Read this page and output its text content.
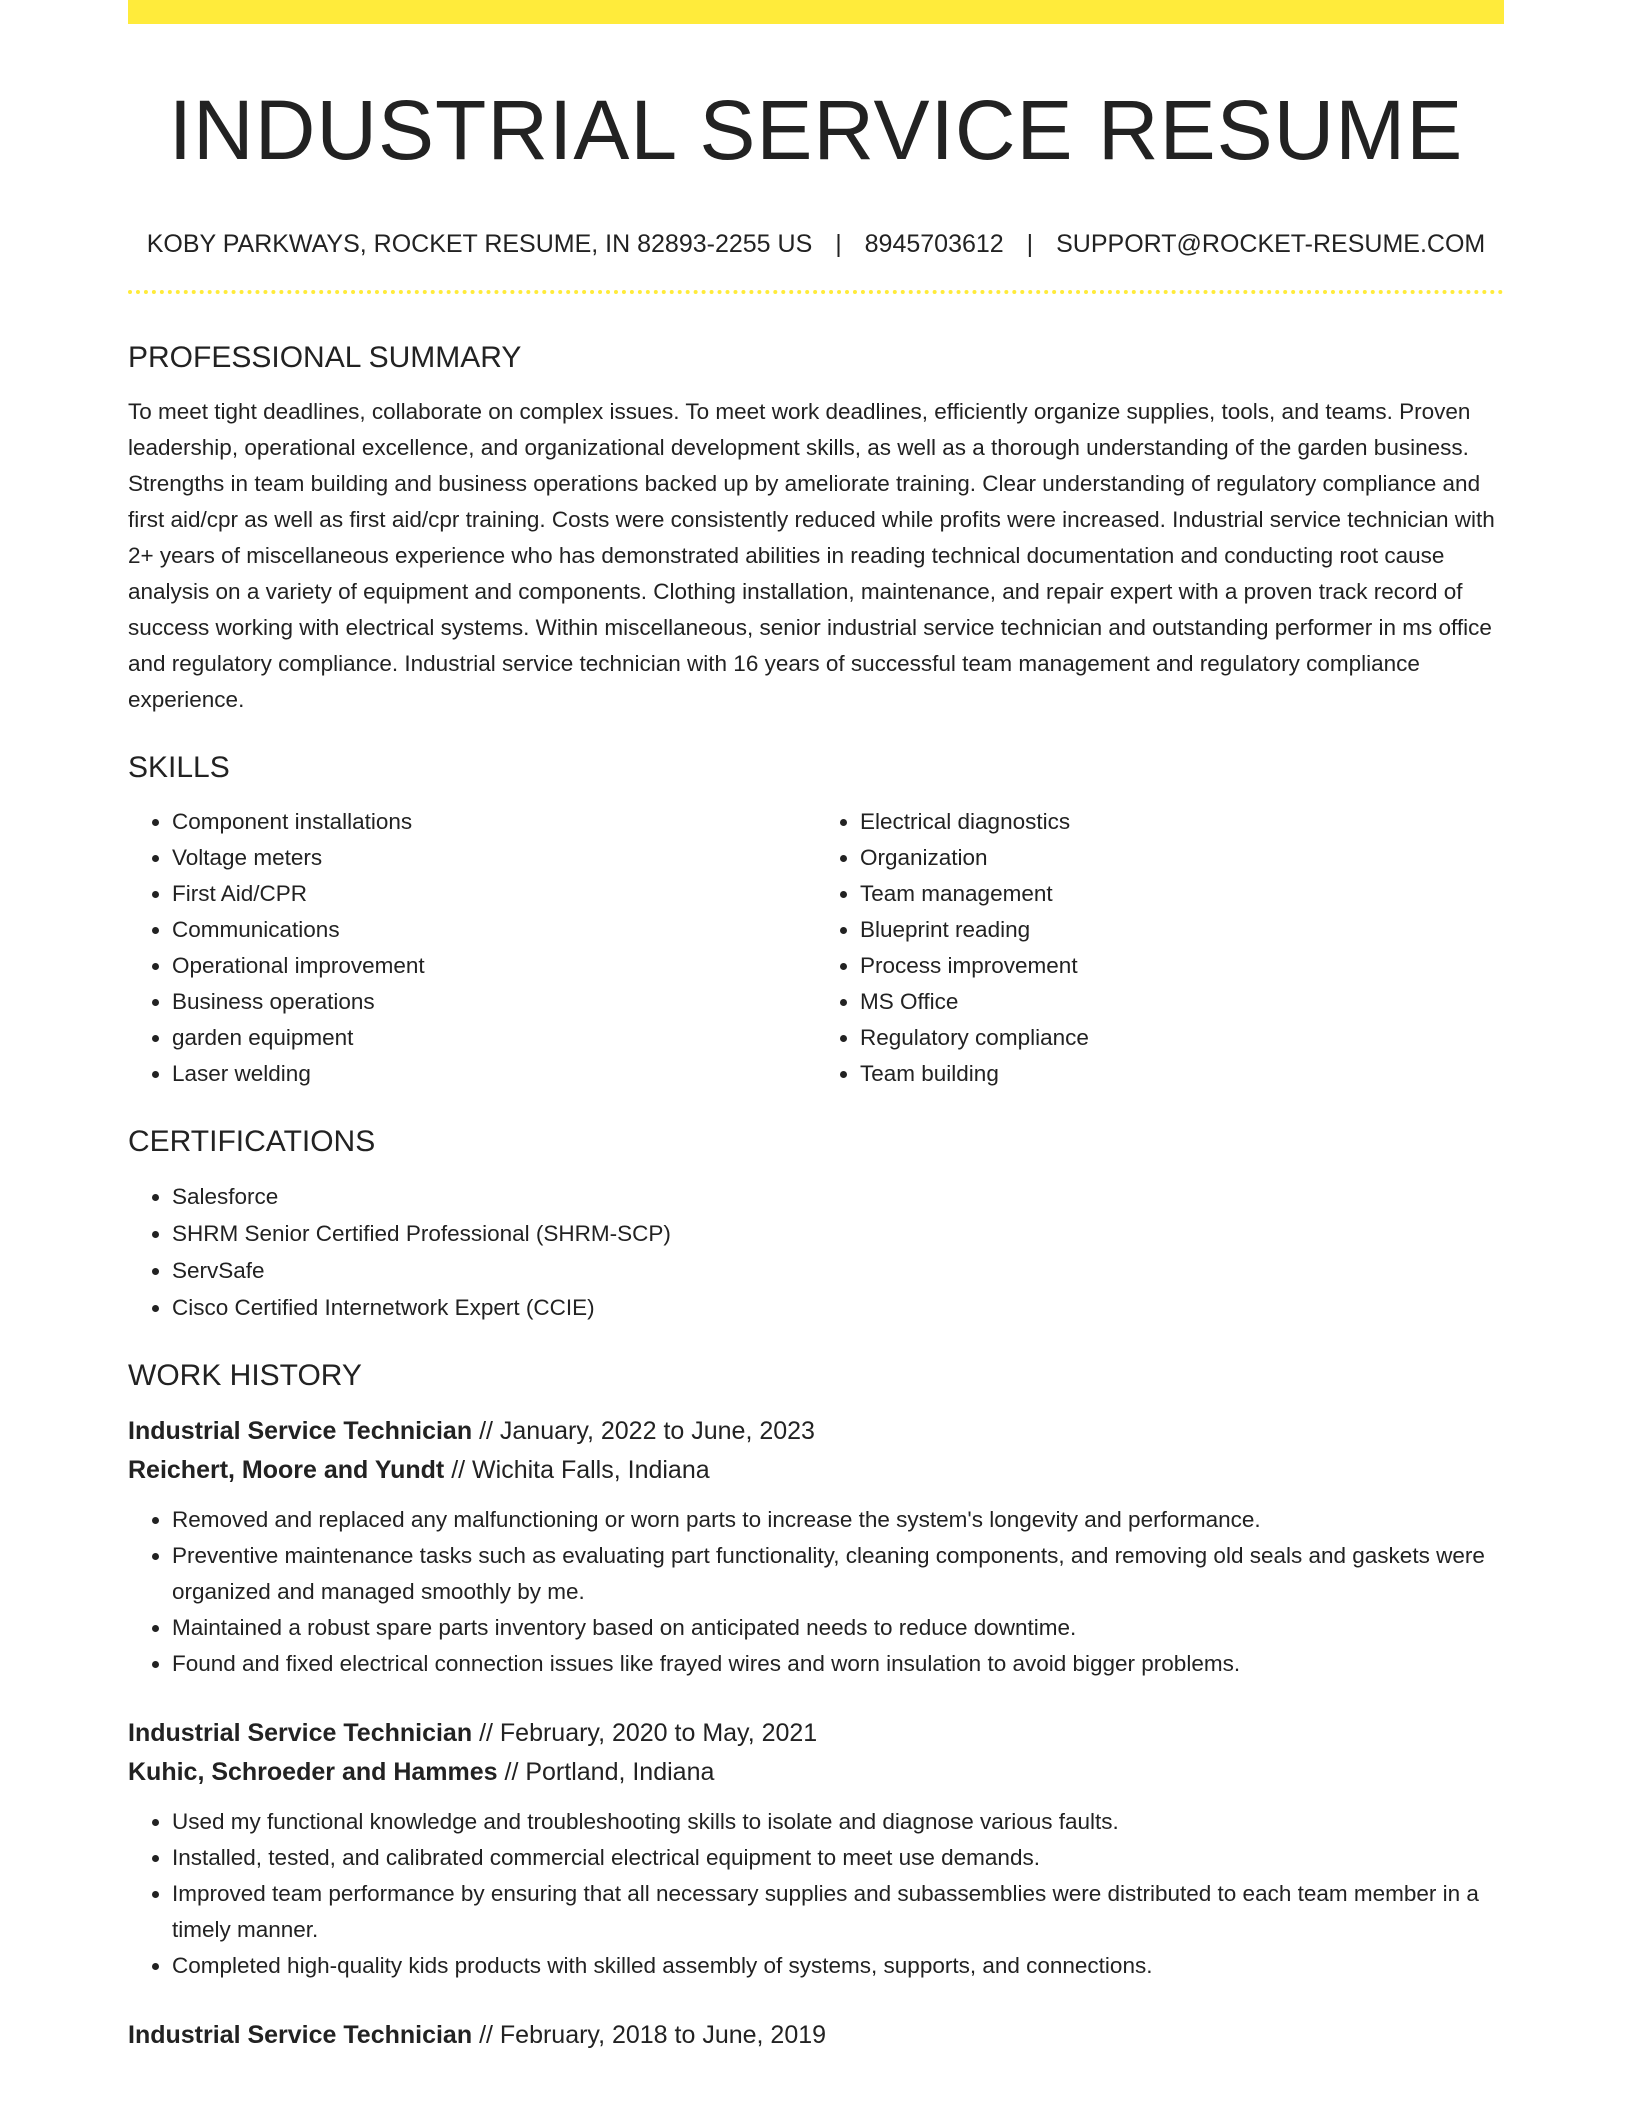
INDUSTRIAL SERVICE RESUME
KOBY PARKWAYS, ROCKET RESUME, IN 82893-2255 US | 8945703612 | SUPPORT@ROCKET-RESUME.COM
PROFESSIONAL SUMMARY

To meet tight deadlines, collaborate on complex issues. To meet work deadlines, efficiently organize supplies, tools, and teams. Proven leadership, operational excellence, and organizational development skills, as well as a thorough understanding of the garden business. Strengths in team building and business operations backed up by ameliorate training. Clear understanding of regulatory compliance and first aid/cpr as well as first aid/cpr training. Costs were consistently reduced while profits were increased. Industrial service technician with 2+ years of miscellaneous experience who has demonstrated abilities in reading technical documentation and conducting root cause analysis on a variety of equipment and components. Clothing installation, maintenance, and repair expert with a proven track record of success working with electrical systems. Within miscellaneous, senior industrial service technician and outstanding performer in ms office and regulatory compliance. Industrial service technician with 16 years of successful team management and regulatory compliance experience.

SKILLS
• Component installations
• Voltage meters
• First Aid/CPR
• Communications
• Operational improvement
• Business operations
• garden equipment
• Laser welding
• Electrical diagnostics
• Organization
• Team management
• Blueprint reading
• Process improvement
• MS Office
• Regulatory compliance
• Team building
CERTIFICATIONS
• Salesforce
• SHRM Senior Certified Professional (SHRM-SCP)
• ServSafe
• Cisco Certified Internetwork Expert (CCIE)
WORK HISTORY
Industrial Service Technician // January, 2022 to June, 2023
Reichert, Moore and Yundt // Wichita Falls, Indiana
• Removed and replaced any malfunctioning or worn parts to increase the system's longevity and performance.
• Preventive maintenance tasks such as evaluating part functionality, cleaning components, and removing old seals and gaskets were organized and managed smoothly by me.
• Maintained a robust spare parts inventory based on anticipated needs to reduce downtime.
• Found and fixed electrical connection issues like frayed wires and worn insulation to avoid bigger problems.
Industrial Service Technician // February, 2020 to May, 2021
Kuhic, Schroeder and Hammes // Portland, Indiana
• Used my functional knowledge and troubleshooting skills to isolate and diagnose various faults.
• Installed, tested, and calibrated commercial electrical equipment to meet use demands.
• Improved team performance by ensuring that all necessary supplies and subassemblies were distributed to each team member in a timely manner.
• Completed high-quality kids products with skilled assembly of systems, supports, and connections.
Industrial Service Technician // February, 2018 to June, 2019
